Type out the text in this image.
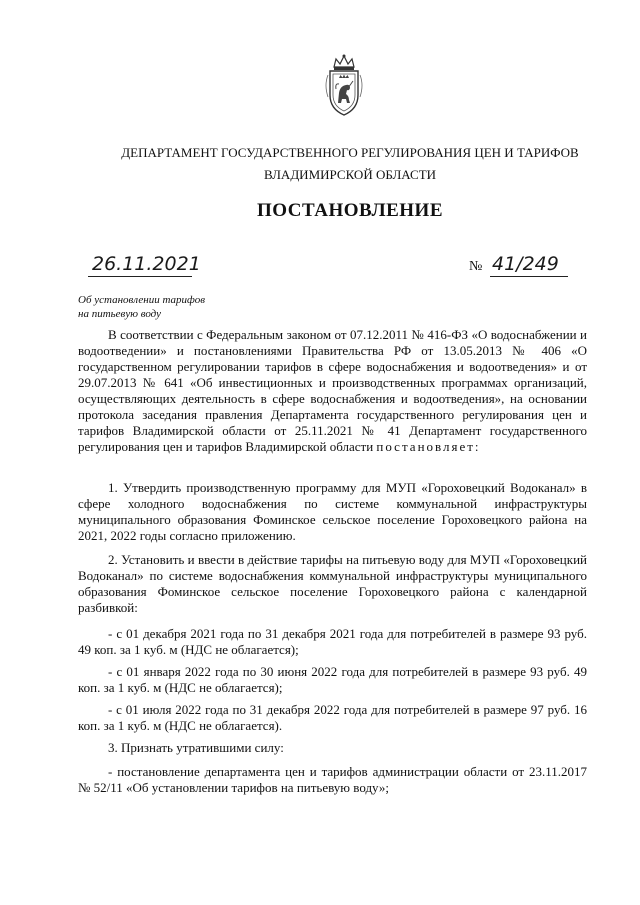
ДЕПАРТАМЕНТ ГОСУДАРСТВЕННОГО РЕГУЛИРОВАНИЯ ЦЕН И ТАРИФОВ
ВЛАДИМИРСКОЙ ОБЛАСТИ
ПОСТАНОВЛЕНИЕ
26.11.2021	№ 41/249
Об установлении тарифов
на питьевую воду
В соответствии с Федеральным законом от 07.12.2011 № 416-ФЗ «О водоснабжении и водоотведении» и постановлениями Правительства РФ от 13.05.2013 № 406 «О государственном регулировании тарифов в сфере водоснабжения и водоотведения» и от 29.07.2013 № 641 «Об инвестиционных и производственных программах организаций, осуществляющих деятельность в сфере водоснабжения и водоотведения», на основании протокола заседания правления Департамента государственного регулирования цен и тарифов Владимирской области от 25.11.2021 № 41 Департамент государственного регулирования цен и тарифов Владимирской области постановляет:
1. Утвердить производственную программу для МУП «Гороховецкий Водоканал» в сфере холодного водоснабжения по системе коммунальной инфраструктуры муниципального образования Фоминское сельское поселение Гороховецкого района на 2021, 2022 годы согласно приложению.
2. Установить и ввести в действие тарифы на питьевую воду для МУП «Гороховецкий Водоканал» по системе водоснабжения коммунальной инфраструктуры муниципального образования Фоминское сельское поселение Гороховецкого района с календарной разбивкой:
- с 01 декабря 2021 года по 31 декабря 2021 года для потребителей в размере 93 руб. 49 коп. за 1 куб. м (НДС не облагается);
- с 01 января 2022 года по 30 июня 2022 года для потребителей в размере 93 руб. 49 коп. за 1 куб. м (НДС не облагается);
- с 01 июля 2022 года по 31 декабря 2022 года для потребителей в размере 97 руб. 16 коп. за 1 куб. м (НДС не облагается).
3. Признать утратившими силу:
- постановление департамента цен и тарифов администрации области от 23.11.2017 № 52/11 «Об установлении тарифов на питьевую воду»;
